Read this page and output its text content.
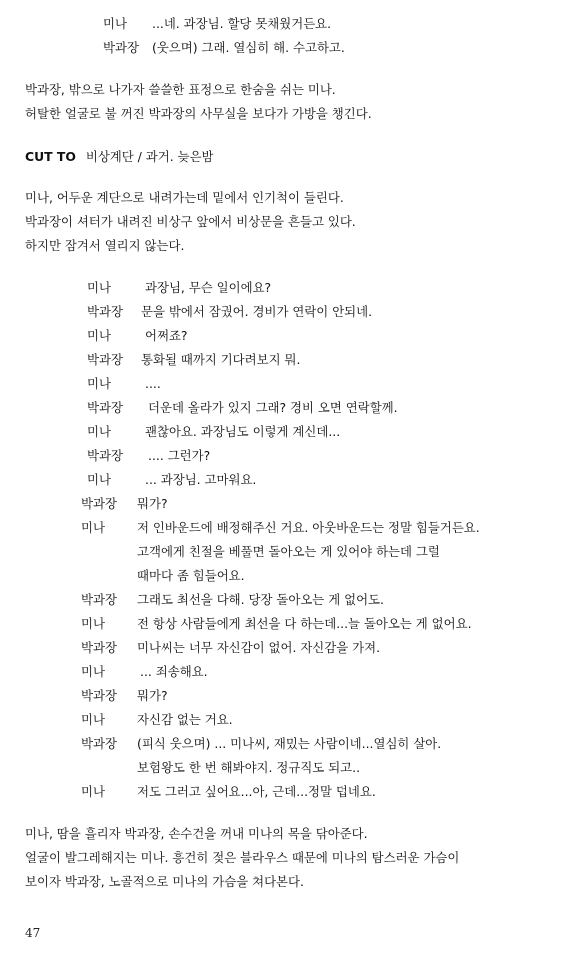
미나 ...네. 과장님. 할당 못채웠거든요.
박과장 (웃으며) 그래. 열심히 해. 수고하고.
박과장, 밖으로 나가자 쓸쓸한 표정으로 한숨을 쉬는 미나.
허탈한 얼굴로 불 꺼진 박과장의 사무실을 보다가 가방을 챙긴다.
CUT TO 비상계단 / 과거. 늦은밤
미나, 어두운 계단으로 내려가는데 밑에서 인기척이 들린다.
박과장이 셔터가 내려진 비상구 앞에서 비상문을 흔들고 있다.
하지만 잠겨서 열리지 않는다.
미나	과장님, 무슨 일이에요?
박과장 문을 밖에서 잠궜어. 경비가 연락이 안되네.
미나	어쩌죠?
박과장 통화될 때까지 기다려보지 뭐.
미나	....
박과장 더운데 올라가 있지 그래? 경비 오면 연락할께.
미나	괜찮아요. 과장님도 이렇게 계신데...
박과장 .... 그런가?
미나	... 과장님. 고마워요.
박과장 뭐가?
미나	저 인바운드에 배정해주신 거요. 아웃바운드는 정말 힘들거든요.
고객에게 친절을 베풀면 돌아오는 게 있어야 하는데 그럴
때마다 좀 힘들어요.
박과장 그래도 최선을 다해. 당장 돌아오는 게 없어도.
미나	전 항상 사람들에게 최선을 다 하는데...늘 돌아오는 게 없어요.
박과장 미나씨는 너무 자신감이 없어. 자신감을 가져.
미나	... 죄송해요.
박과장 뭐가?
미나	자신감 없는 거요.
박과장 (피식 웃으며) ... 미나씨, 재밌는 사람이네...열심히 살아.
보험왕도 한 번 해봐야지. 정규직도 되고..
미나	저도 그러고 싶어요...아, 근데...정말 덥네요.
미나, 땀을 흘리자 박과장, 손수건을 꺼내 미나의 목을 닦아준다.
얼굴이 발그레해지는 미나. 흥건히 젖은 블라우스 때문에 미나의 탐스러운 가슴이
보이자 박과장, 노골적으로 미나의 가슴을 쳐다본다.
47
